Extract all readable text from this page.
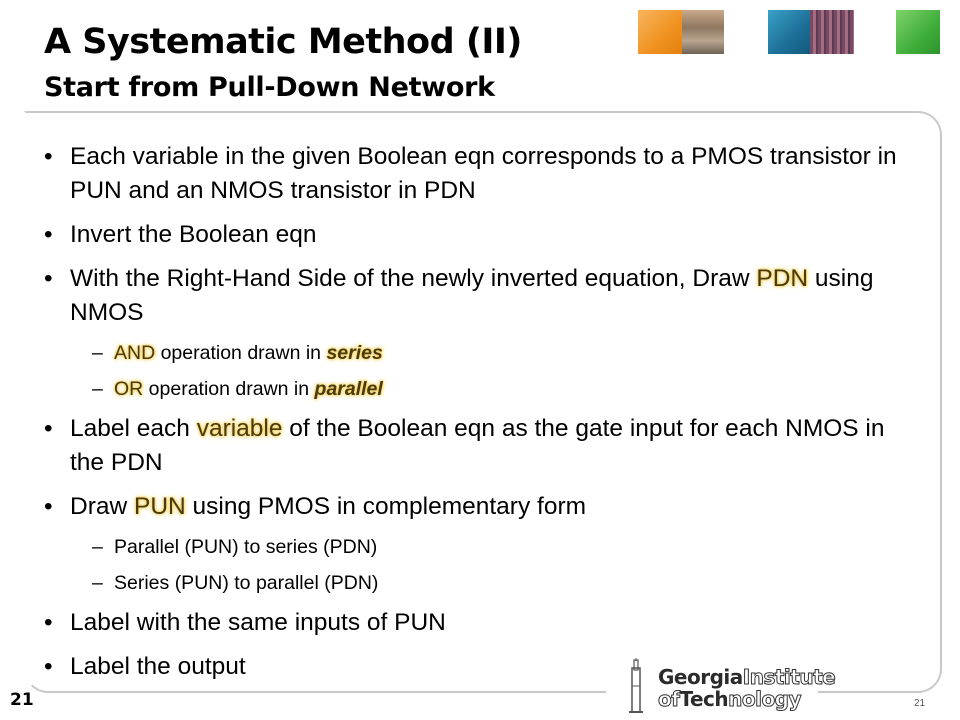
A Systematic Method (II)
Start from Pull-Down Network
• Each variable in the given Boolean eqn corresponds to a PMOS transistor in PUN and an NMOS transistor in PDN
• Invert the Boolean eqn
• With the Right-Hand Side of the newly inverted equation, Draw PDN using NMOS
– AND operation drawn in series
– OR operation drawn in parallel
• Label each variable of the Boolean eqn as the gate input for each NMOS in the PDN
• Draw PUN using PMOS in complementary form
– Parallel (PUN) to series (PDN)
– Series (PUN) to parallel (PDN)
• Label with the same inputs of PUN
• Label the output
21	21
GeorgiaInstitute
ofTechnology
